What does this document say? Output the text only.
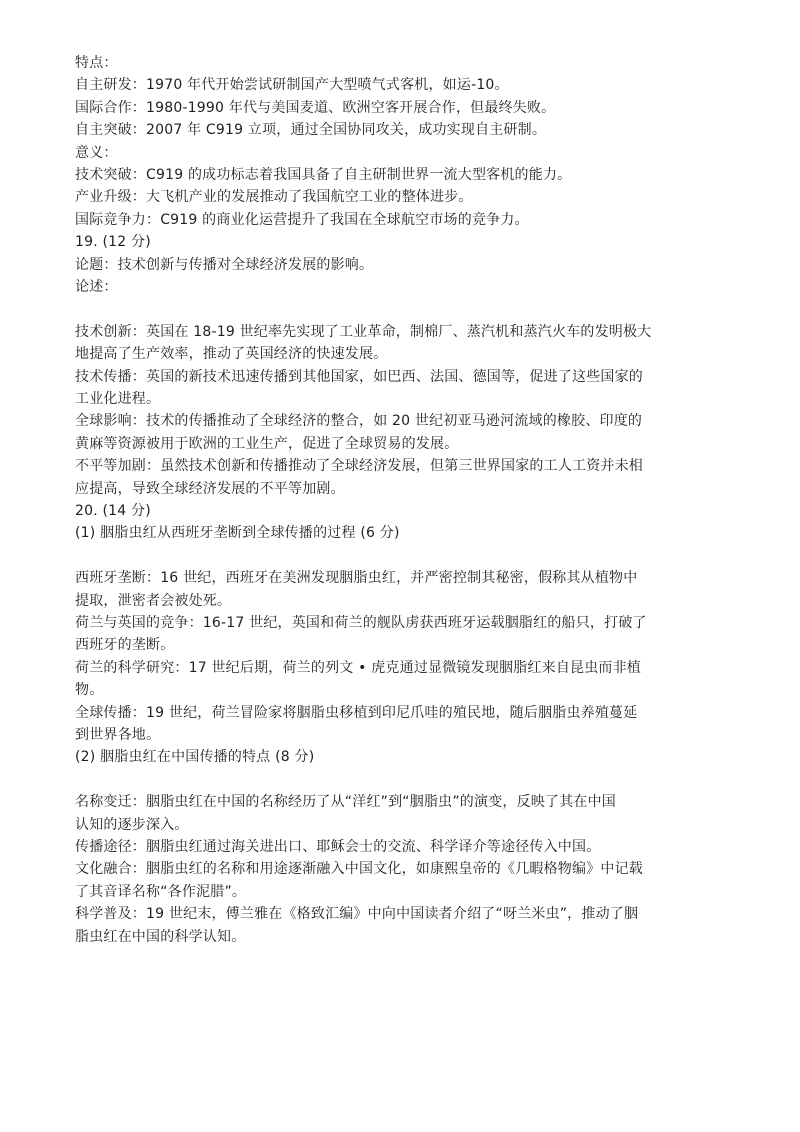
特点：
自主研发：1970 年代开始尝试研制国产大型喷气式客机，如运-10。
国际合作：1980-1990 年代与美国麦道、欧洲空客开展合作，但最终失败。
自主突破：2007 年 C919 立项，通过全国协同攻关，成功实现自主研制。
意义：
技术突破：C919 的成功标志着我国具备了自主研制世界一流大型客机的能力。
产业升级：大飞机产业的发展推动了我国航空工业的整体进步。
国际竞争力：C919 的商业化运营提升了我国在全球航空市场的竞争力。
19. (12 分)
论题：技术创新与传播对全球经济发展的影响。
论述：
技术创新：英国在 18-19 世纪率先实现了工业革命，制棉厂、蒸汽机和蒸汽火车的发明极大
地提高了生产效率，推动了英国经济的快速发展。
技术传播：英国的新技术迅速传播到其他国家，如巴西、法国、德国等，促进了这些国家的
工业化进程。
全球影响：技术的传播推动了全球经济的整合，如 20 世纪初亚马逊河流域的橡胶、印度的
黄麻等资源被用于欧洲的工业生产，促进了全球贸易的发展。
不平等加剧：虽然技术创新和传播推动了全球经济发展，但第三世界国家的工人工资并未相
应提高，导致全球经济发展的不平等加剧。
20. (14 分)
(1) 胭脂虫红从西班牙垄断到全球传播的过程 (6 分)
西班牙垄断：16 世纪，西班牙在美洲发现胭脂虫红，并严密控制其秘密，假称其从植物中
提取，泄密者会被处死。
荷兰与英国的竞争：16-17 世纪，英国和荷兰的舰队虏获西班牙运载胭脂红的船只，打破了
西班牙的垄断。
荷兰的科学研究：17 世纪后期，荷兰的列文 • 虎克通过显微镜发现胭脂红来自昆虫而非植
物。
全球传播：19 世纪，荷兰冒险家将胭脂虫移植到印尼爪哇的殖民地，随后胭脂虫养殖蔓延
到世界各地。
(2) 胭脂虫红在中国传播的特点 (8 分)
名称变迁：胭脂虫红在中国的名称经历了从“洋红”到“胭脂虫”的演变，反映了其在中国
认知的逐步深入。
传播途径：胭脂虫红通过海关进出口、耶稣会士的交流、科学译介等途径传入中国。
文化融合：胭脂虫红的名称和用途逐渐融入中国文化，如康熙皇帝的《几暇格物编》中记载
了其音译名称“各作泥腊”。
科学普及：19 世纪末，傅兰雅在《格致汇编》中向中国读者介绍了“呀兰米虫”，推动了胭
脂虫红在中国的科学认知。
